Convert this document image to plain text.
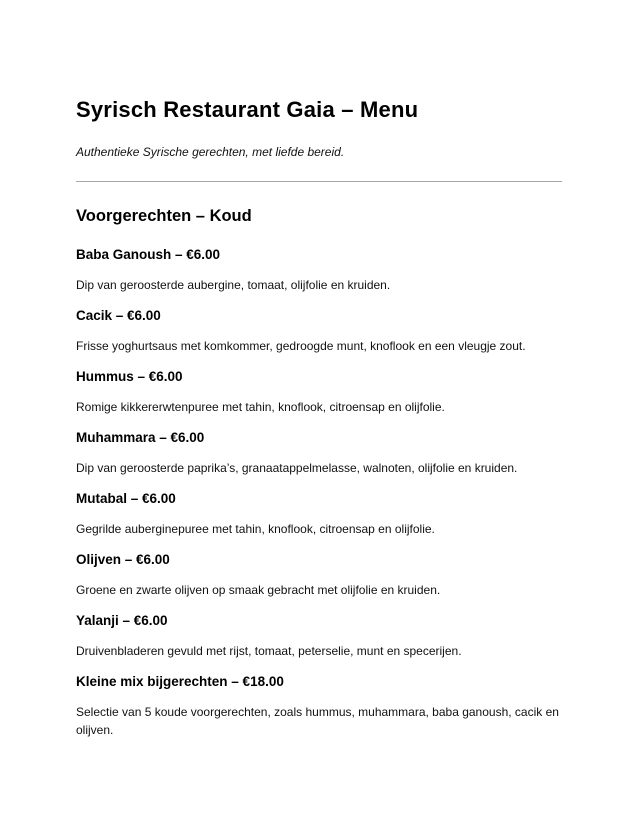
Syrisch Restaurant Gaia – Menu

Authentieke Syrische gerechten, met liefde bereid.

Voorgerechten – Koud
Baba Ganoush – €6.00

Dip van geroosterde aubergine, tomaat, olijfolie en kruiden.

Cacik – €6.00

Frisse yoghurtsaus met komkommer, gedroogde munt, knoflook en een vleugje zout.

Hummus – €6.00

Romige kikkererwtenpuree met tahin, knoflook, citroensap en olijfolie.

Muhammara – €6.00

Dip van geroosterde paprika’s, granaatappelmelasse, walnoten, olijfolie en kruiden.

Mutabal – €6.00

Gegrilde auberginepuree met tahin, knoflook, citroensap en olijfolie.

Olijven – €6.00

Groene en zwarte olijven op smaak gebracht met olijfolie en kruiden.

Yalanji – €6.00

Druivenbladeren gevuld met rijst, tomaat, peterselie, munt en specerijen.

Kleine mix bijgerechten – €18.00

Selectie van 5 koude voorgerechten, zoals hummus, muhammara, baba ganoush, cacik en olijven.
